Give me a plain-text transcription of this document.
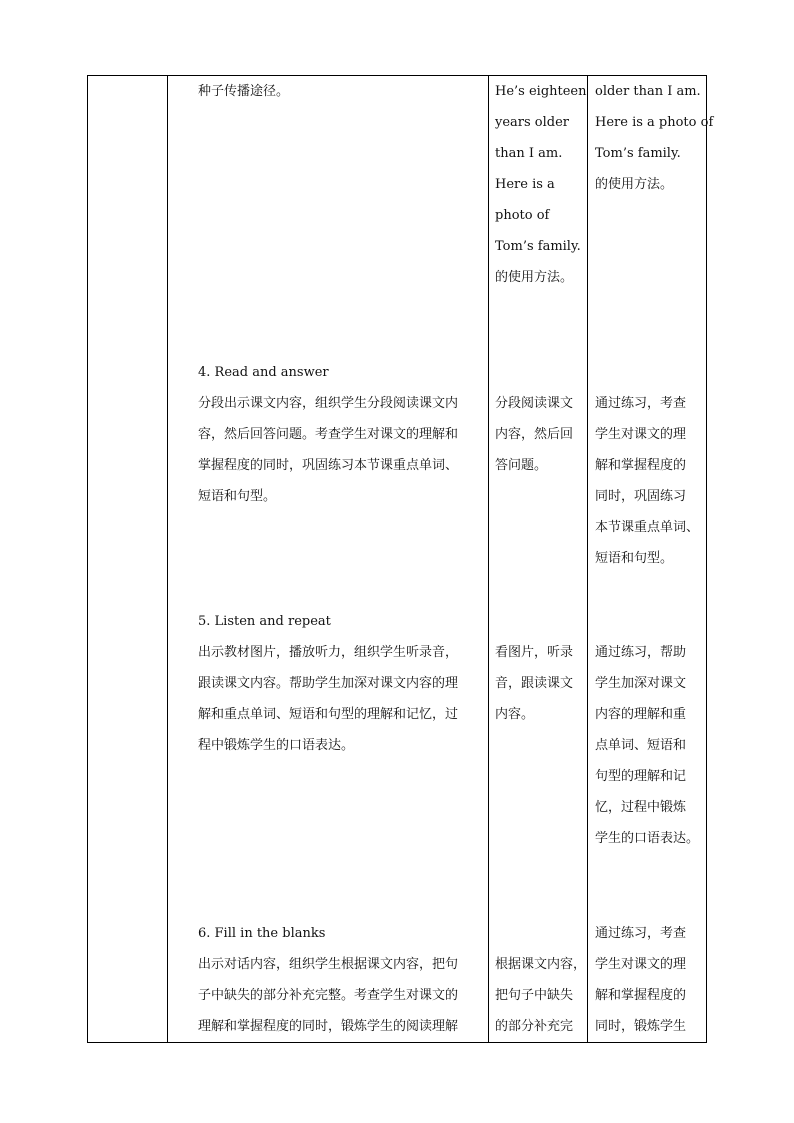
种子传播途径。
4. Read and answer
分段出示课文内容，组织学生分段阅读课文内
容，然后回答问题。考查学生对课文的理解和
掌握程度的同时，巩固练习本节课重点单词、
短语和句型。
5. Listen and repeat
出示教材图片，播放听力，组织学生听录音，
跟读课文内容。帮助学生加深对课文内容的理
解和重点单词、短语和句型的理解和记忆，过
程中锻炼学生的口语表达。
6. Fill in the blanks
出示对话内容，组织学生根据课文内容，把句
子中缺失的部分补充完整。考查学生对课文的
理解和掌握程度的同时，锻炼学生的阅读理解
He’s eighteen
years older
than I am.
Here is a
photo of
Tom’s family.
的使用方法。
分段阅读课文
内容，然后回
答问题。
看图片，听录
音，跟读课文
内容。
根据课文内容，
把句子中缺失
的部分补充完
older than I am.
Here is a photo of
Tom’s family.
的使用方法。
通过练习，考查
学生对课文的理
解和掌握程度的
同时，巩固练习
本节课重点单词、
短语和句型。
通过练习，帮助
学生加深对课文
内容的理解和重
点单词、短语和
句型的理解和记
忆，过程中锻炼
学生的口语表达。
通过练习，考查
学生对课文的理
解和掌握程度的
同时，锻炼学生
